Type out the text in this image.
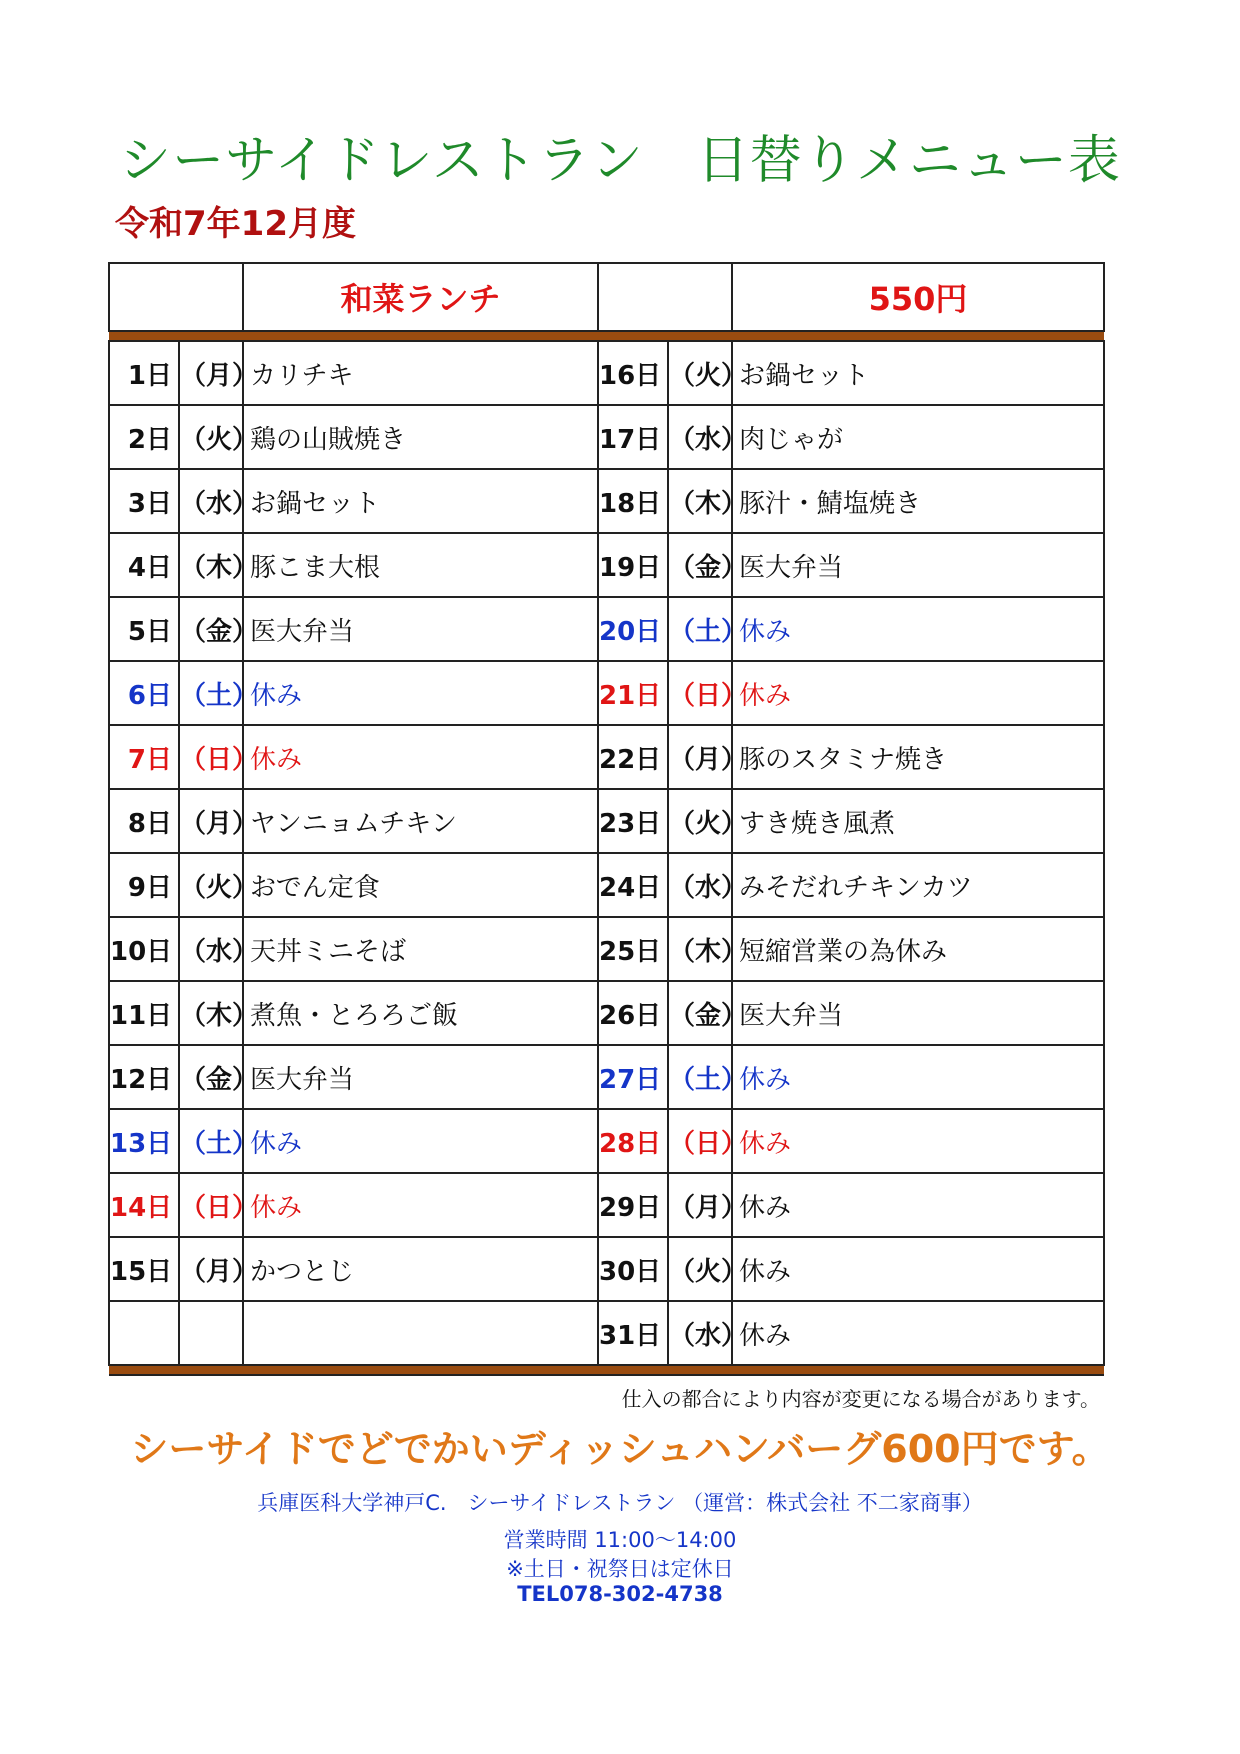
シーサイドレストラン　日替りメニュー表
令和7年12月度
		和菜ランチ			550円

1日	（月）	カリチキ	16日	（火）	お鍋セット
2日	（火）	鶏の山賊焼き	17日	（水）	肉じゃが
3日	（水）	お鍋セット	18日	（木）	豚汁・鯖塩焼き
4日	（木）	豚こま大根	19日	（金）	医大弁当
5日	（金）	医大弁当	20日	（土）	休み
6日	（土）	休み	21日	（日）	休み
7日	（日）	休み	22日	（月）	豚のスタミナ焼き
8日	（月）	ヤンニョムチキン	23日	（火）	すき焼き風煮
9日	（火）	おでん定食	24日	（水）	みそだれチキンカツ
10日	（水）	天丼ミニそば	25日	（木）	短縮営業の為休み
11日	（木）	煮魚・とろろご飯	26日	（金）	医大弁当
12日	（金）	医大弁当	27日	（土）	休み
13日	（土）	休み	28日	（日）	休み
14日	（日）	休み	29日	（月）	休み
15日	（月）	かつとじ	30日	（火）	休み
			31日	（水）	休み

仕入の都合により内容が変更になる場合があります。
シーサイドでどでかいディッシュハンバーグ600円です。
兵庫医科大学神戸C.　シーサイドレストラン （運営：株式会社 不二家商事）
営業時間 11:00～14:00
※土日・祝祭日は定休日
TEL078-302-4738
